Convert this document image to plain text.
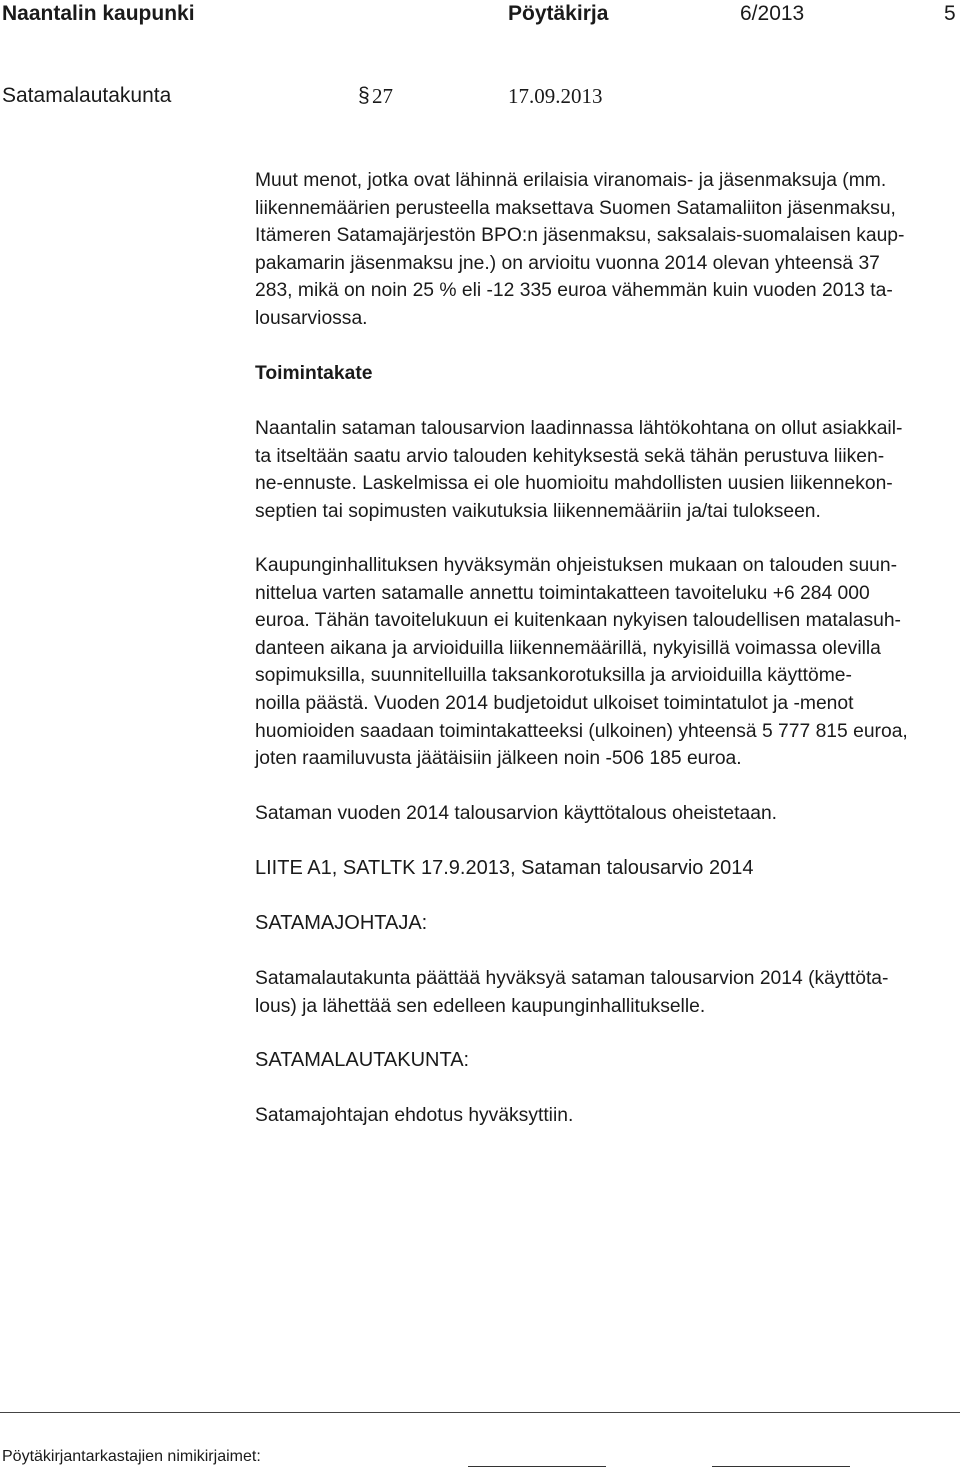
Naantalin kaupunki	Pöytäkirja	6/2013	5
Satamalautakunta	§ 27	17.09.2013
Muut menot, jotka ovat lähinnä erilaisia viranomais- ja jäsenmaksuja (mm.
liikennemäärien perusteella maksettava Suomen Satamaliiton jäsenmaksu,
Itämeren Satamajärjestön BPO:n jäsenmaksu, saksalais-suomalaisen kaup-
pakamarin jäsenmaksu jne.) on arvioitu vuonna 2014 olevan yhteensä 37
283, mikä on noin 25 % eli -12 335 euroa vähemmän kuin vuoden 2013 ta-
lousarviossa.
Toimintakate
Naantalin sataman talousarvion laadinnassa lähtökohtana on ollut asiakkail-
ta itseltään saatu arvio talouden kehityksestä sekä tähän perustuva liiken-
ne-ennuste. Laskelmissa ei ole huomioitu mahdollisten uusien liikennekon-
septien tai sopimusten vaikutuksia liikennemääriin ja/tai tulokseen.
Kaupunginhallituksen hyväksymän ohjeistuksen mukaan on talouden suun-
nittelua varten satamalle annettu toimintakatteen tavoiteluku +6 284 000
euroa. Tähän tavoitelukuun ei kuitenkaan nykyisen taloudellisen matalasuh-
danteen aikana ja arvioiduilla liikennemäärillä, nykyisillä voimassa olevilla
sopimuksilla, suunnitelluilla taksankorotuksilla ja arvioiduilla käyttöme-
noilla päästä. Vuoden 2014 budjetoidut ulkoiset toimintatulot ja -menot
huomioiden saadaan toimintakatteeksi (ulkoinen) yhteensä 5 777 815 euroa,
joten raamiluvusta jäätäisiin jälkeen noin -506 185 euroa.
Sataman vuoden 2014 talousarvion käyttötalous oheistetaan.
LIITE A1, SATLTK 17.9.2013, Sataman talousarvio 2014
SATAMAJOHTAJA:
Satamalautakunta päättää hyväksyä sataman talousarvion 2014 (käyttöta-
lous) ja lähettää sen edelleen kaupunginhallitukselle.
SATAMALAUTAKUNTA:
Satamajohtajan ehdotus hyväksyttiin.
Pöytäkirjantarkastajien nimikirjaimet:
